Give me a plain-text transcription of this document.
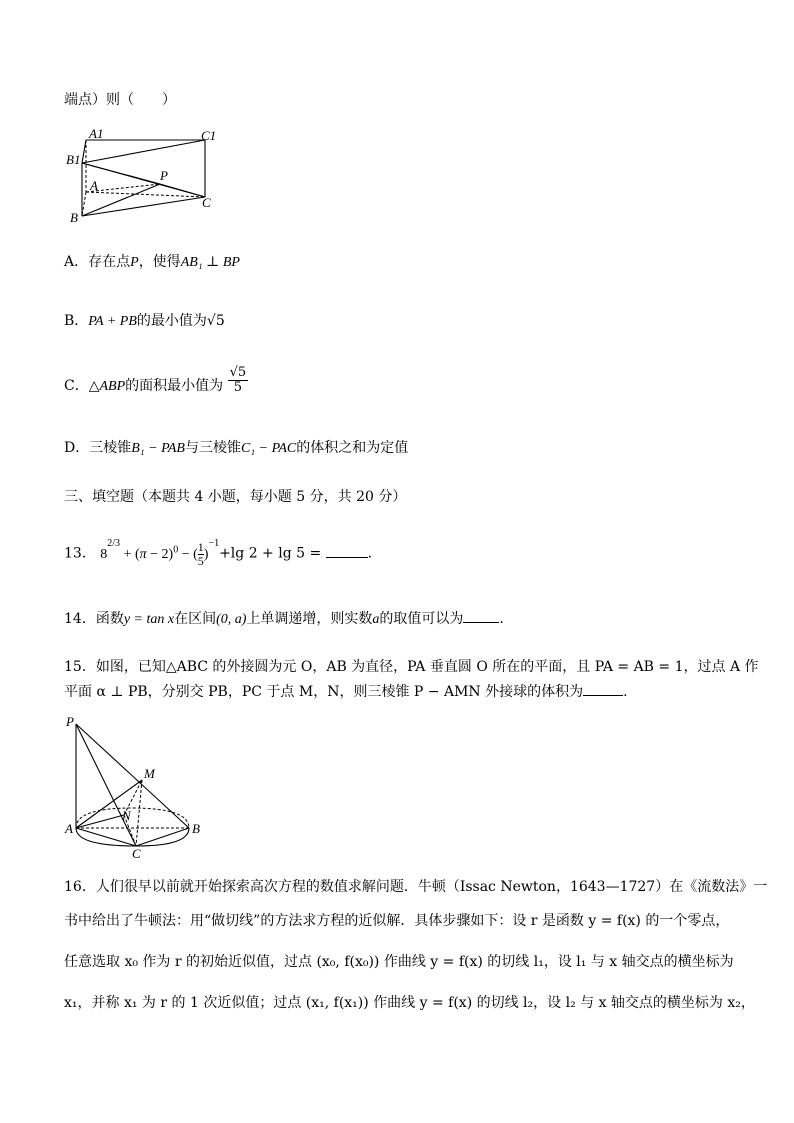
端点）则（　　）
A1	C1
B1
A
P
B
C
A．存在点P，使得AB₁ ⊥ BP
B．PA + PB的最小值为√5
C．△ABP的面积最小值为 $\frac{√5}{5}$
D．三棱锥B₁ − PAB与三棱锥C₁ − PAC的体积之和为定值
三、填空题（本题共 4 小题，每小题 5 分，共 20 分）
13． $8^{2/3} + (\pi - 2)^0$ − ( $\frac{1}{5} )^{-1}+\lg$ 2 + lg 5 =	.
14．函数y = tan x在区间(0, a)上单调递增，则实数a的取值可以为	.
15．如图，已知△ABC 的外接圆为元 O，AB 为直径，PA 垂直圆 O 所在的平面，且 PA = AB = 1，过点 A 作
平面 α ⊥ PB，分别交 PB，PC 于点 M，N，则三棱锥 P − AMN 外接球的体积为	.
P
M
N
A	B
C
16．人们很早以前就开始探索高次方程的数值求解问题．牛顿（Issac Newton，1643—1727）在《流数法》一
书中给出了牛顿法：用“做切线”的方法求方程的近似解．具体步骤如下：设 r 是函数 y = f(x) 的一个零点，
任意选取 x₀ 作为 r 的初始近似值，过点 (x₀, f(x₀)) 作曲线 y = f(x) 的切线 l₁，设 l₁ 与 x 轴交点的横坐标为
x₁，并称 x₁ 为 r 的 1 次近似值；过点 (x₁, f(x₁)) 作曲线 y = f(x) 的切线 l₂，设 l₂ 与 x 轴交点的横坐标为 x₂，
